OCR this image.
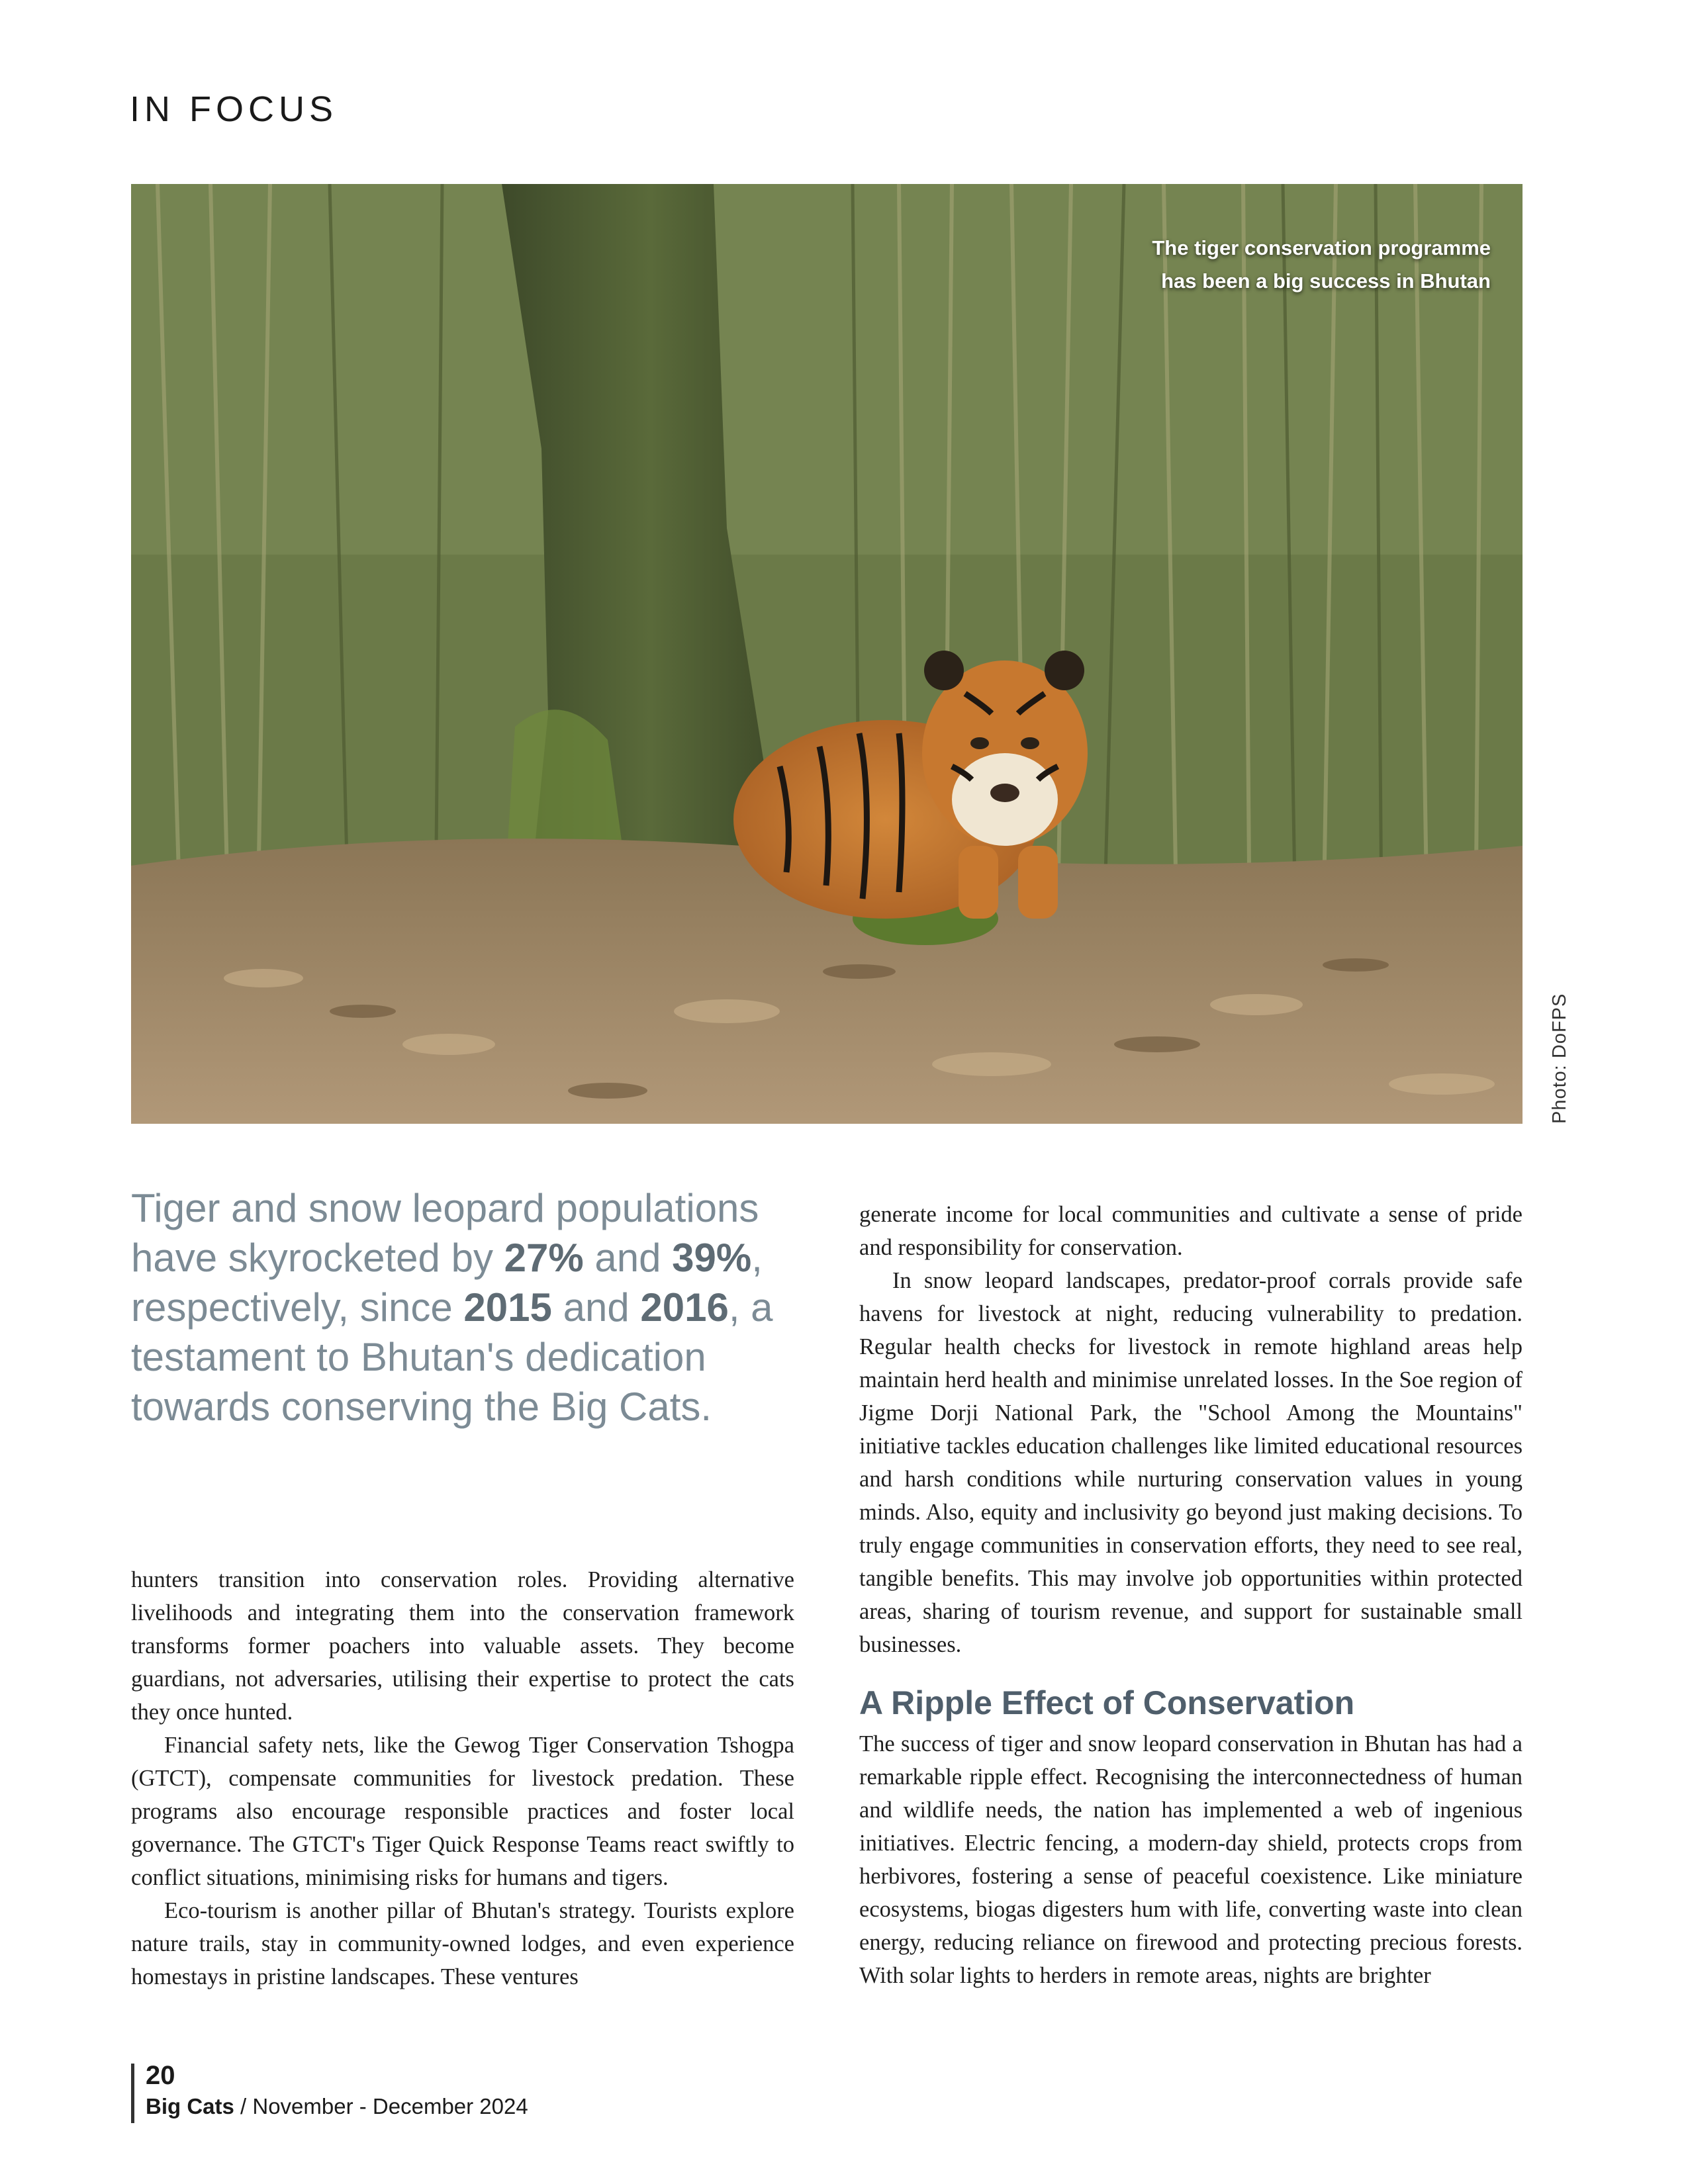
IN FOCUS
The tiger conservation programme has been a big success in Bhutan
Photo: DoFPS
Tiger and snow leopard populations have skyrocketed by 27% and 39%, respectively, since 2015 and 2016, a testament to Bhutan's dedication towards conserving the Big Cats.

hunters transition into conservation roles. Providing alternative livelihoods and integrating them into the conservation framework transforms former poachers into valuable assets. They become guardians, not adversaries, utilising their expertise to protect the cats they once hunted.

Financial safety nets, like the Gewog Tiger Conservation Tshogpa (GTCT), compensate communities for livestock predation. These programs also encourage responsible practices and foster local governance. The GTCT's Tiger Quick Response Teams react swiftly to conflict situations, minimising risks for humans and tigers.

Eco-tourism is another pillar of Bhutan's strategy. Tourists explore nature trails, stay in community-owned lodges, and even experience homestays in pristine landscapes. These ventures

generate income for local communities and cultivate a sense of pride and responsibility for conservation.

In snow leopard landscapes, predator-proof corrals provide safe havens for livestock at night, reducing vulnerability to predation. Regular health checks for livestock in remote highland areas help maintain herd health and minimise unrelated losses. In the Soe region of Jigme Dorji National Park, the "School Among the Mountains" initiative tackles education challenges like limited educational resources and harsh conditions while nurturing conservation values in young minds. Also, equity and inclusivity go beyond just making decisions. To truly engage communities in conservation efforts, they need to see real, tangible benefits. This may involve job opportunities within protected areas, sharing of tourism revenue, and support for sustainable small businesses.

A Ripple Effect of Conservation

The success of tiger and snow leopard conservation in Bhutan has had a remarkable ripple effect. Recognising the interconnectedness of human and wildlife needs, the nation has implemented a web of ingenious initiatives. Electric fencing, a modern-day shield, protects crops from herbivores, fostering a sense of peaceful coexistence. Like miniature ecosystems, biogas digesters hum with life, converting waste into clean energy, reducing reliance on firewood and protecting precious forests. With solar lights to herders in remote areas, nights are brighter

20
Big Cats / November - December 2024
